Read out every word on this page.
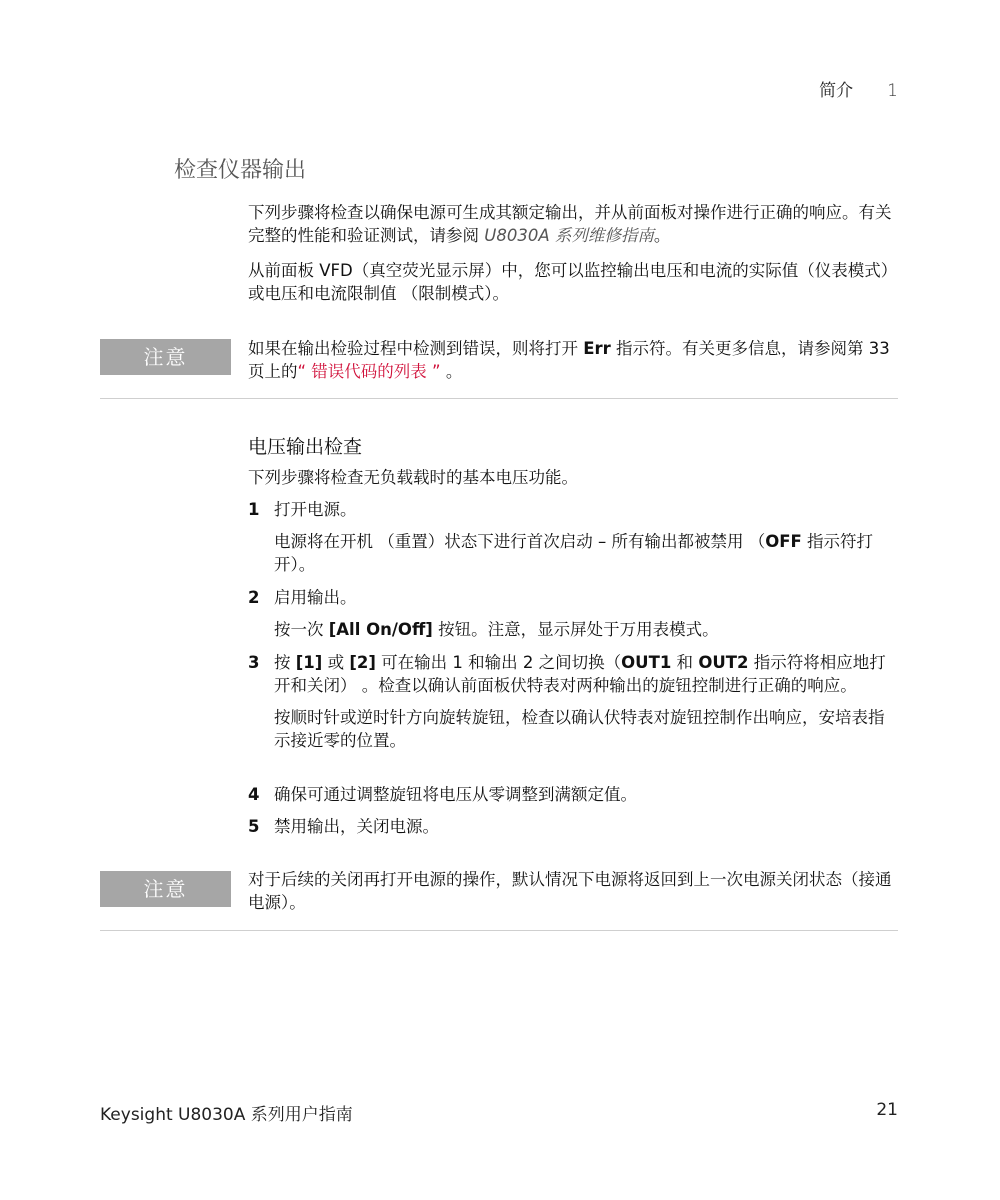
简介 1
检查仪器输出

下列步骤将检查以确保电源可生成其额定输出，并从前面板对操作进行正确的响应。有关完整的性能和验证测试，请参阅 U8030A 系列维修指南。

从前面板 VFD（真空荧光显示屏）中，您可以监控输出电压和电流的实际值（仪表模式）或电压和电流限制值 （限制模式）。

注意	如果在输出检验过程中检测到错误，则将打开 Err 指示符。有关更多信息，请参阅第 33 页上的“ 错误代码的列表 ” 。

电压输出检查
下列步骤将检查无负载载时的基本电压功能。
1 打开电源。
电源将在开机 （重置）状态下进行首次启动 – 所有输出都被禁用 （OFF 指示符打开）。
2 启用输出。
按一次 [All On/Off] 按钮。注意，显示屏处于万用表模式。
3 按 [1] 或 [2] 可在输出 1 和输出 2 之间切换（OUT1 和 OUT2 指示符将相应地打开和关闭） 。检查以确认前面板伏特表对两种输出的旋钮控制进行正确的响应。
按顺时针或逆时针方向旋转旋钮，检查以确认伏特表对旋钮控制作出响应，安培表指示接近零的位置。
4 确保可通过调整旋钮将电压从零调整到满额定值。
5 禁用输出，关闭电源。
注意	对于后续的关闭再打开电源的操作，默认情况下电源将返回到上一次电源关闭状态（接通电源）。
Keysight U8030A 系列用户指南	21
